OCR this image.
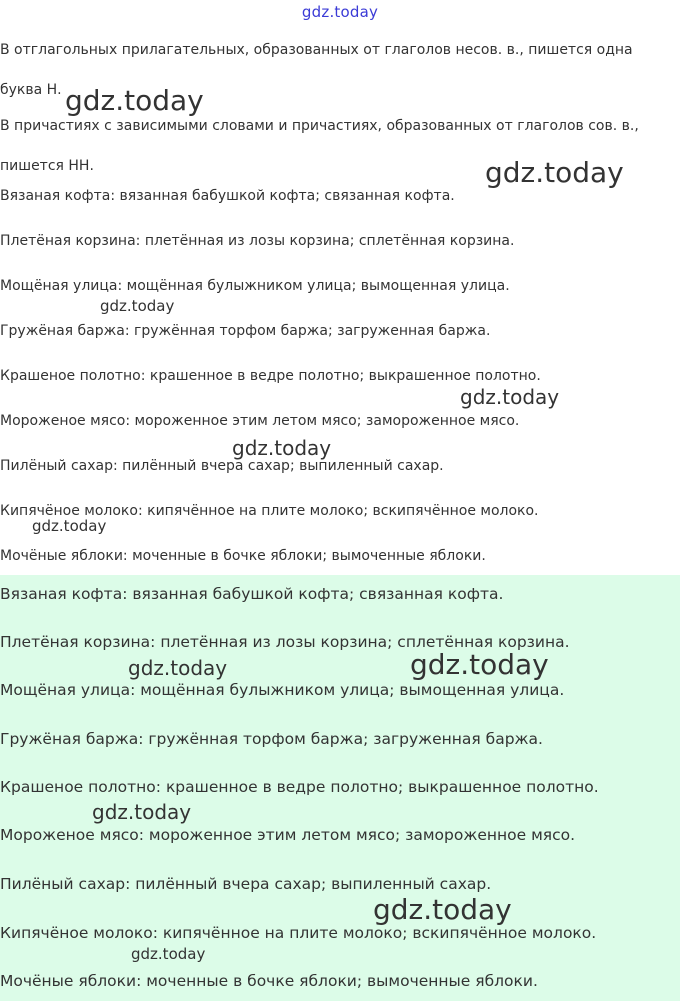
gdz.today
В отглагольных прилагательных, образованных от глаголов несов. в., пишется одна буква Н.
В причастиях с зависимыми словами и причастиях, образованных от глаголов сов. в., пишется НН.
Вязаная кофта: вязанная бабушкой кофта; связанная кофта.
Плетёная корзина: плетённая из лозы корзина; сплетённая корзина.
Мощёная улица: мощённая булыжником улица; вымощенная улица.
Гружёная баржа: гружённая торфом баржа; загруженная баржа.
Крашеное полотно: крашенное в ведре полотно; выкрашенное полотно.
Мороженое мясо: мороженное этим летом мясо; замороженное мясо.
Пилёный сахар: пилённый вчера сахар; выпиленный сахар.
Кипячёное молоко: кипячённое на плите молоко; вскипячённое молоко.
Мочёные яблоки: моченные в бочке яблоки; вымоченные яблоки.
Вязаная кофта: вязанная бабушкой кофта; связанная кофта.
Плетёная корзина: плетённая из лозы корзина; сплетённая корзина.
Мощёная улица: мощённая булыжником улица; вымощенная улица.
Гружёная баржа: гружённая торфом баржа; загруженная баржа.
Крашеное полотно: крашенное в ведре полотно; выкрашенное полотно.
Мороженое мясо: мороженное этим летом мясо; замороженное мясо.
Пилёный сахар: пилённый вчера сахар; выпиленный сахар.
Кипячёное молоко: кипячённое на плите молоко; вскипячённое молоко.
Мочёные яблоки: моченные в бочке яблоки; вымоченные яблоки.
gdz.today
gdz.today
gdz.today
gdz.today
gdz.today
gdz.today
gdz.today	gdz.today
gdz.today
gdz.today
gdz.today
